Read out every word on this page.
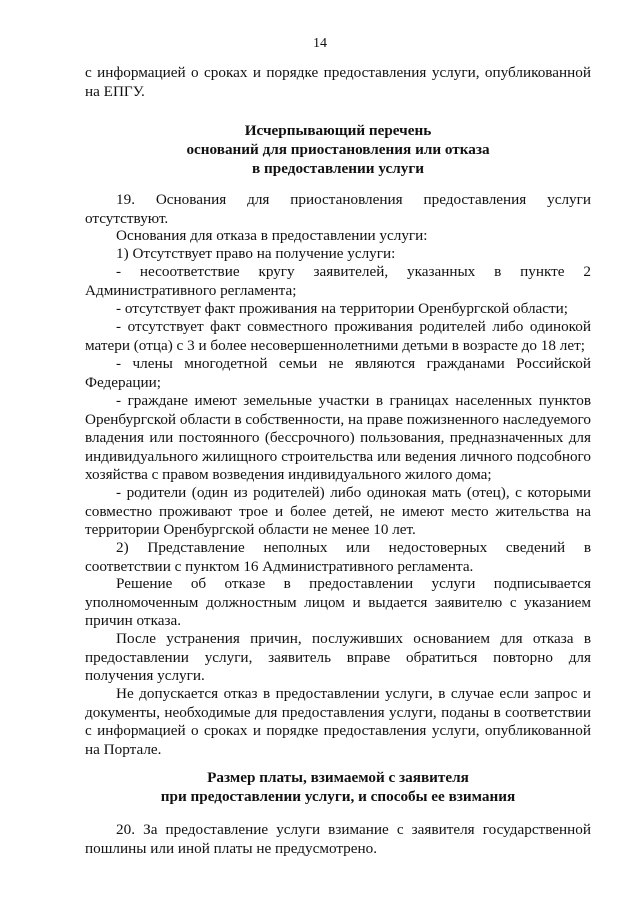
14

с информацией о сроках и порядке предоставления услуги, опубликованной на ЕПГУ.

Исчерпывающий перечень

оснований для приостановления или отказа

в предоставлении услуги

19. Основания для приостановления предоставления услуги отсутствуют.

Основания для отказа в предоставлении услуги:

1) Отсутствует право на получение услуги:

- несоответствие кругу заявителей, указанных в пункте 2 Административного регламента;

- отсутствует факт проживания на территории Оренбургской области;

- отсутствует факт совместного проживания родителей либо одинокой матери (отца) с 3 и более несовершеннолетними детьми в возрасте до 18 лет;

- члены многодетной семьи не являются гражданами Российской Федерации;

- граждане имеют земельные участки в границах населенных пунктов Оренбургской области в собственности, на праве пожизненного наследуемого владения или постоянного (бессрочного) пользования, предназначенных для индивидуального жилищного строительства или ведения личного подсобного хозяйства с правом возведения индивидуального жилого дома;

- родители (один из родителей) либо одинокая мать (отец), с которыми совместно проживают трое и более детей, не имеют место жительства на территории Оренбургской области не менее 10 лет.

2) Представление неполных или недостоверных сведений в соответствии с пунктом 16 Административного регламента.

Решение об отказе в предоставлении услуги подписывается уполномоченным должностным лицом и выдается заявителю с указанием причин отказа.

После устранения причин, послуживших основанием для отказа в предоставлении услуги, заявитель вправе обратиться повторно для получения услуги.

Не допускается отказ в предоставлении услуги, в случае если запрос и документы, необходимые для предоставления услуги, поданы в соответствии с информацией о сроках и порядке предоставления услуги, опубликованной на Портале.

Размер платы, взимаемой с заявителя

при предоставлении услуги, и способы ее взимания

20. За предоставление услуги взимание с заявителя государственной пошлины или иной платы не предусмотрено.
